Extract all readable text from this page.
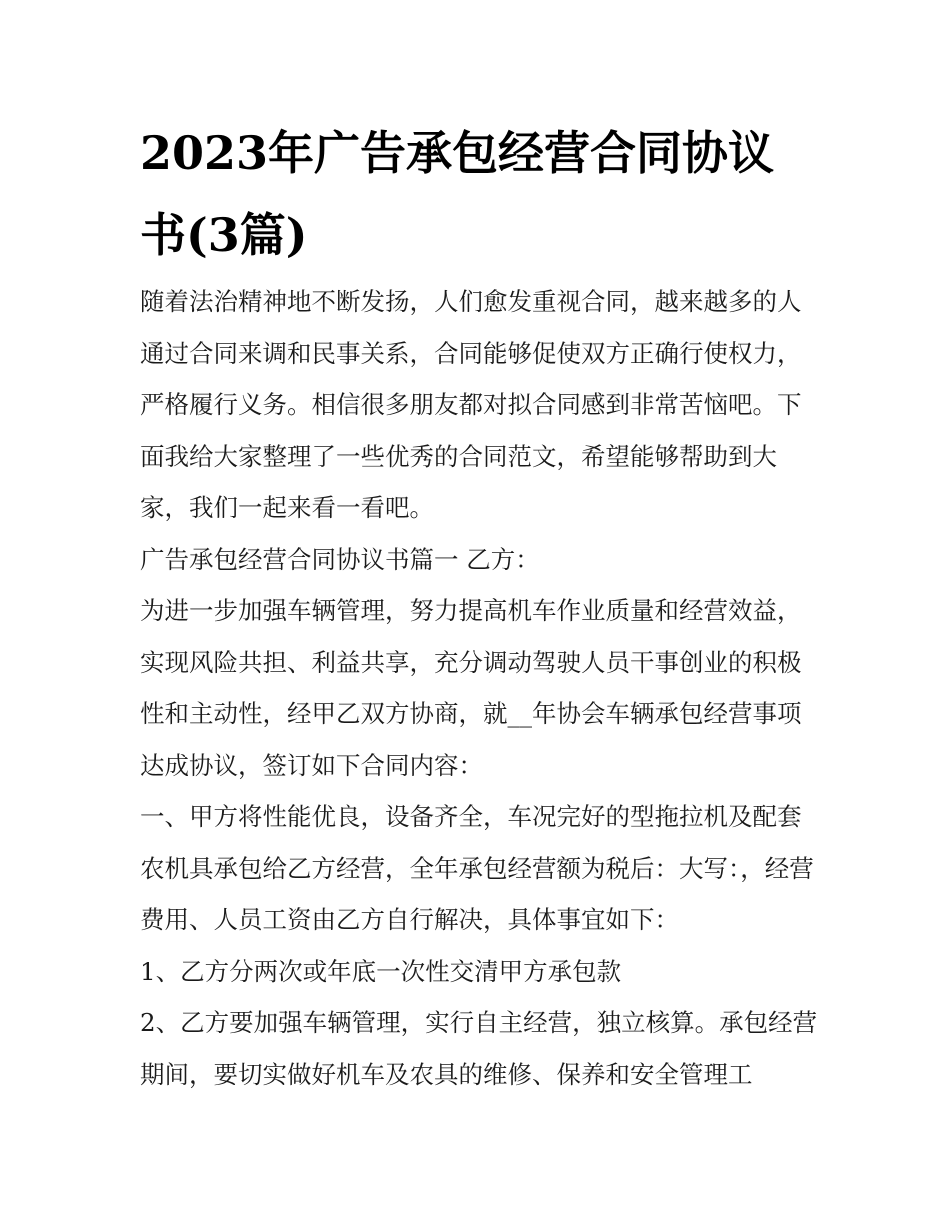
2023年广告承包经营合同协议书(3篇)

随着法治精神地不断发扬，人们愈发重视合同，越来越多的人通过合同来调和民事关系，合同能够促使双方正确行使权力，严格履行义务。相信很多朋友都对拟合同感到非常苦恼吧。下面我给大家整理了一些优秀的合同范文，希望能够帮助到大家，我们一起来看一看吧。

广告承包经营合同协议书篇一 乙方：

为进一步加强车辆管理，努力提高机车作业质量和经营效益，实现风险共担、利益共享，充分调动驾驶人员干事创业的积极性和主动性，经甲乙双方协商，就__年协会车辆承包经营事项达成协议，签订如下合同内容：

一、甲方将性能优良，设备齐全，车况完好的型拖拉机及配套农机具承包给乙方经营，全年承包经营额为税后：大写：，经营费用、人员工资由乙方自行解决，具体事宜如下：

1、乙方分两次或年底一次性交清甲方承包款

2、乙方要加强车辆管理，实行自主经营，独立核算。承包经营期间，要切实做好机车及农具的维修、保养和安全管理工
